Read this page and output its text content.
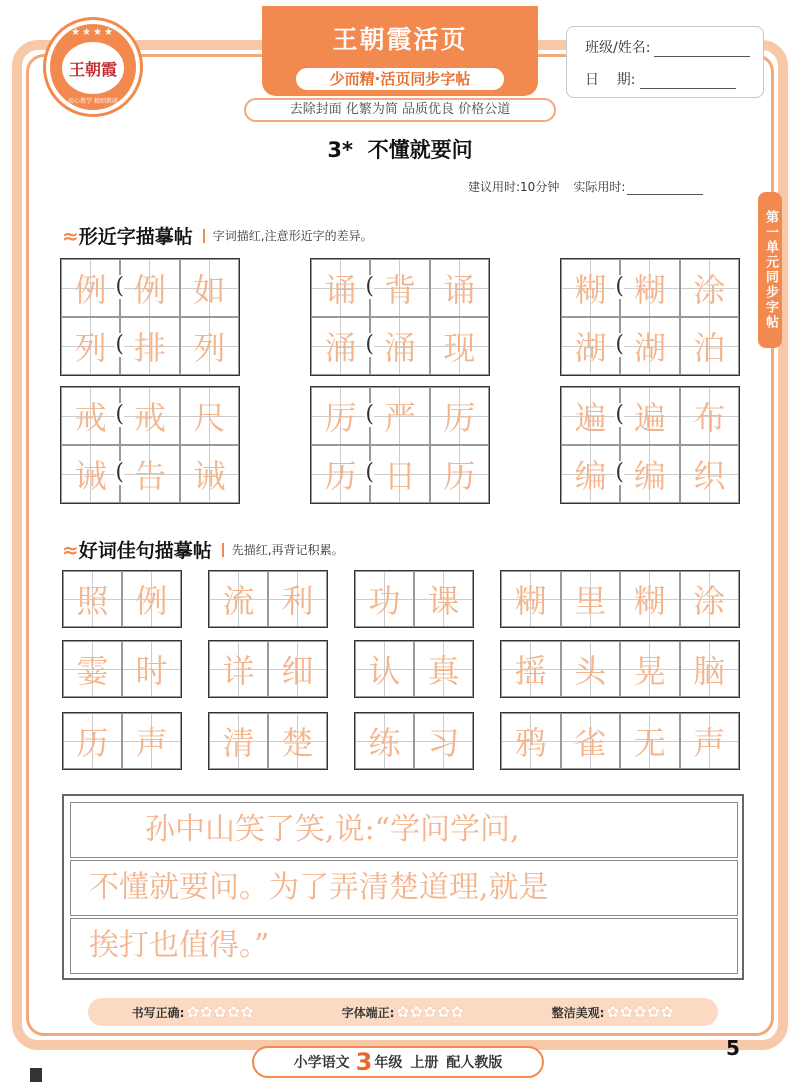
★★★★
王朝霞
用心教学 精细教研
王朝霞活页
少而精·活页同步字帖
去除封面 化繁为简 品质优良 价格公道
班级/姓名:
日    期:
3*  不懂就要问
建议用时:10分钟 实际用时:
第一单元同步字帖
≈ 形近字描摹帖 字词描红,注意形近字的差异。
例 ( 例 如
列 ( 排 列
诵 ( 背 诵
涌 ( 涌 现
糊 ( 糊 涂
湖 ( 湖 泊
戒 ( 戒 尺
诫 ( 告 诫
厉 ( 严 厉
历 ( 日 历
遍 ( 遍 布
编 ( 编 织
≈ 好词佳句描摹帖 先描红,再背记积累。
照 例	流 利	功 课	糊 里 糊 涂
霎 时	详 细	认 真	摇 头 晃 脑
历 声	清 楚	练 习	鸦 雀 无 声
孙中山笑了笑,说:“学问学问,
不懂就要问。为了弄清楚道理,就是
挨打也值得。”
书写正确: ✿✿✿✿✿	字体端正: ✿✿✿✿✿	整洁美观: ✿✿✿✿✿
小学语文 3 年级 上册 配人教版
5
